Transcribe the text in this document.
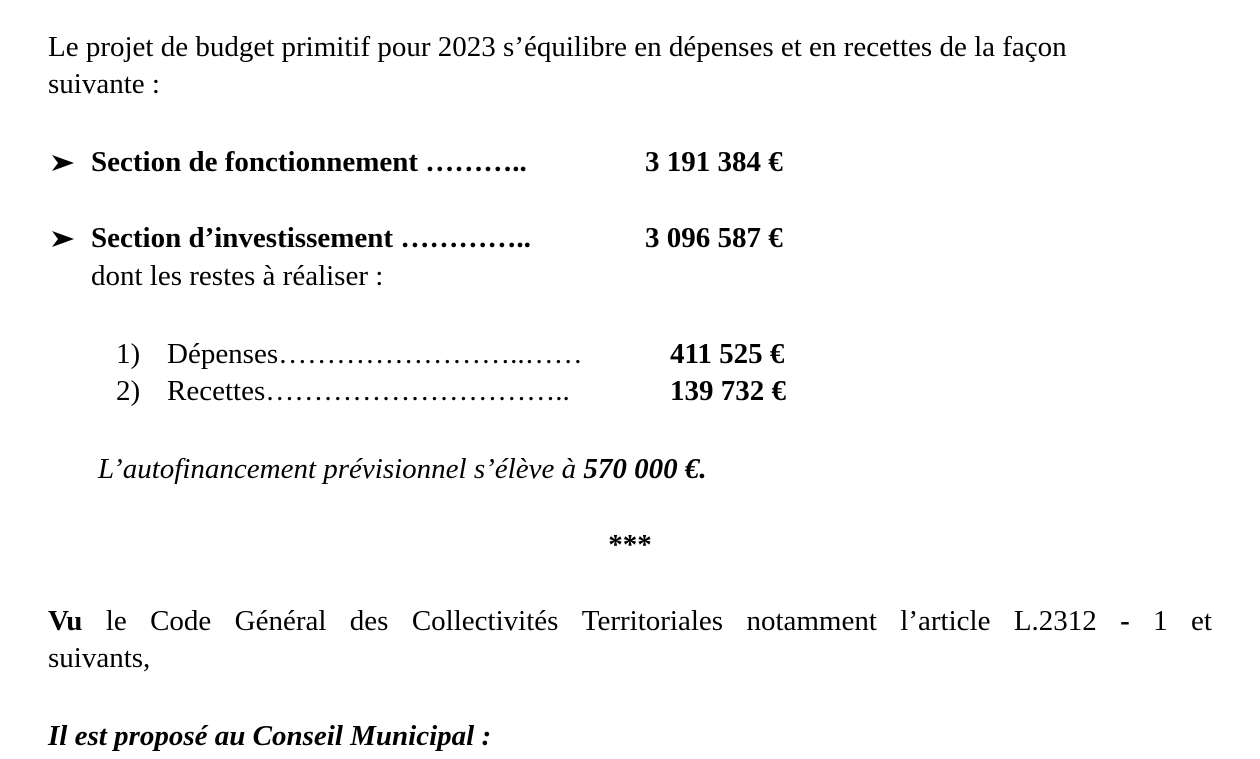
Le projet de budget primitif pour 2023 s’équilibre en dépenses et en recettes de la façon
suivante :
Section de fonctionnement ………..	3 191 384 €
Section d’investissement …………..	3 096 587 €
dont les restes à réaliser :
1) Dépenses……………………..……	411 525 €
2) Recettes…………………………..	139 732 €
L’autofinancement prévisionnel s’élève à 570 000 €.
***
Vu le Code Général des Collectivités Territoriales notamment l’article L.2312 - 1 et
suivants,
Il est proposé au Conseil Municipal :
